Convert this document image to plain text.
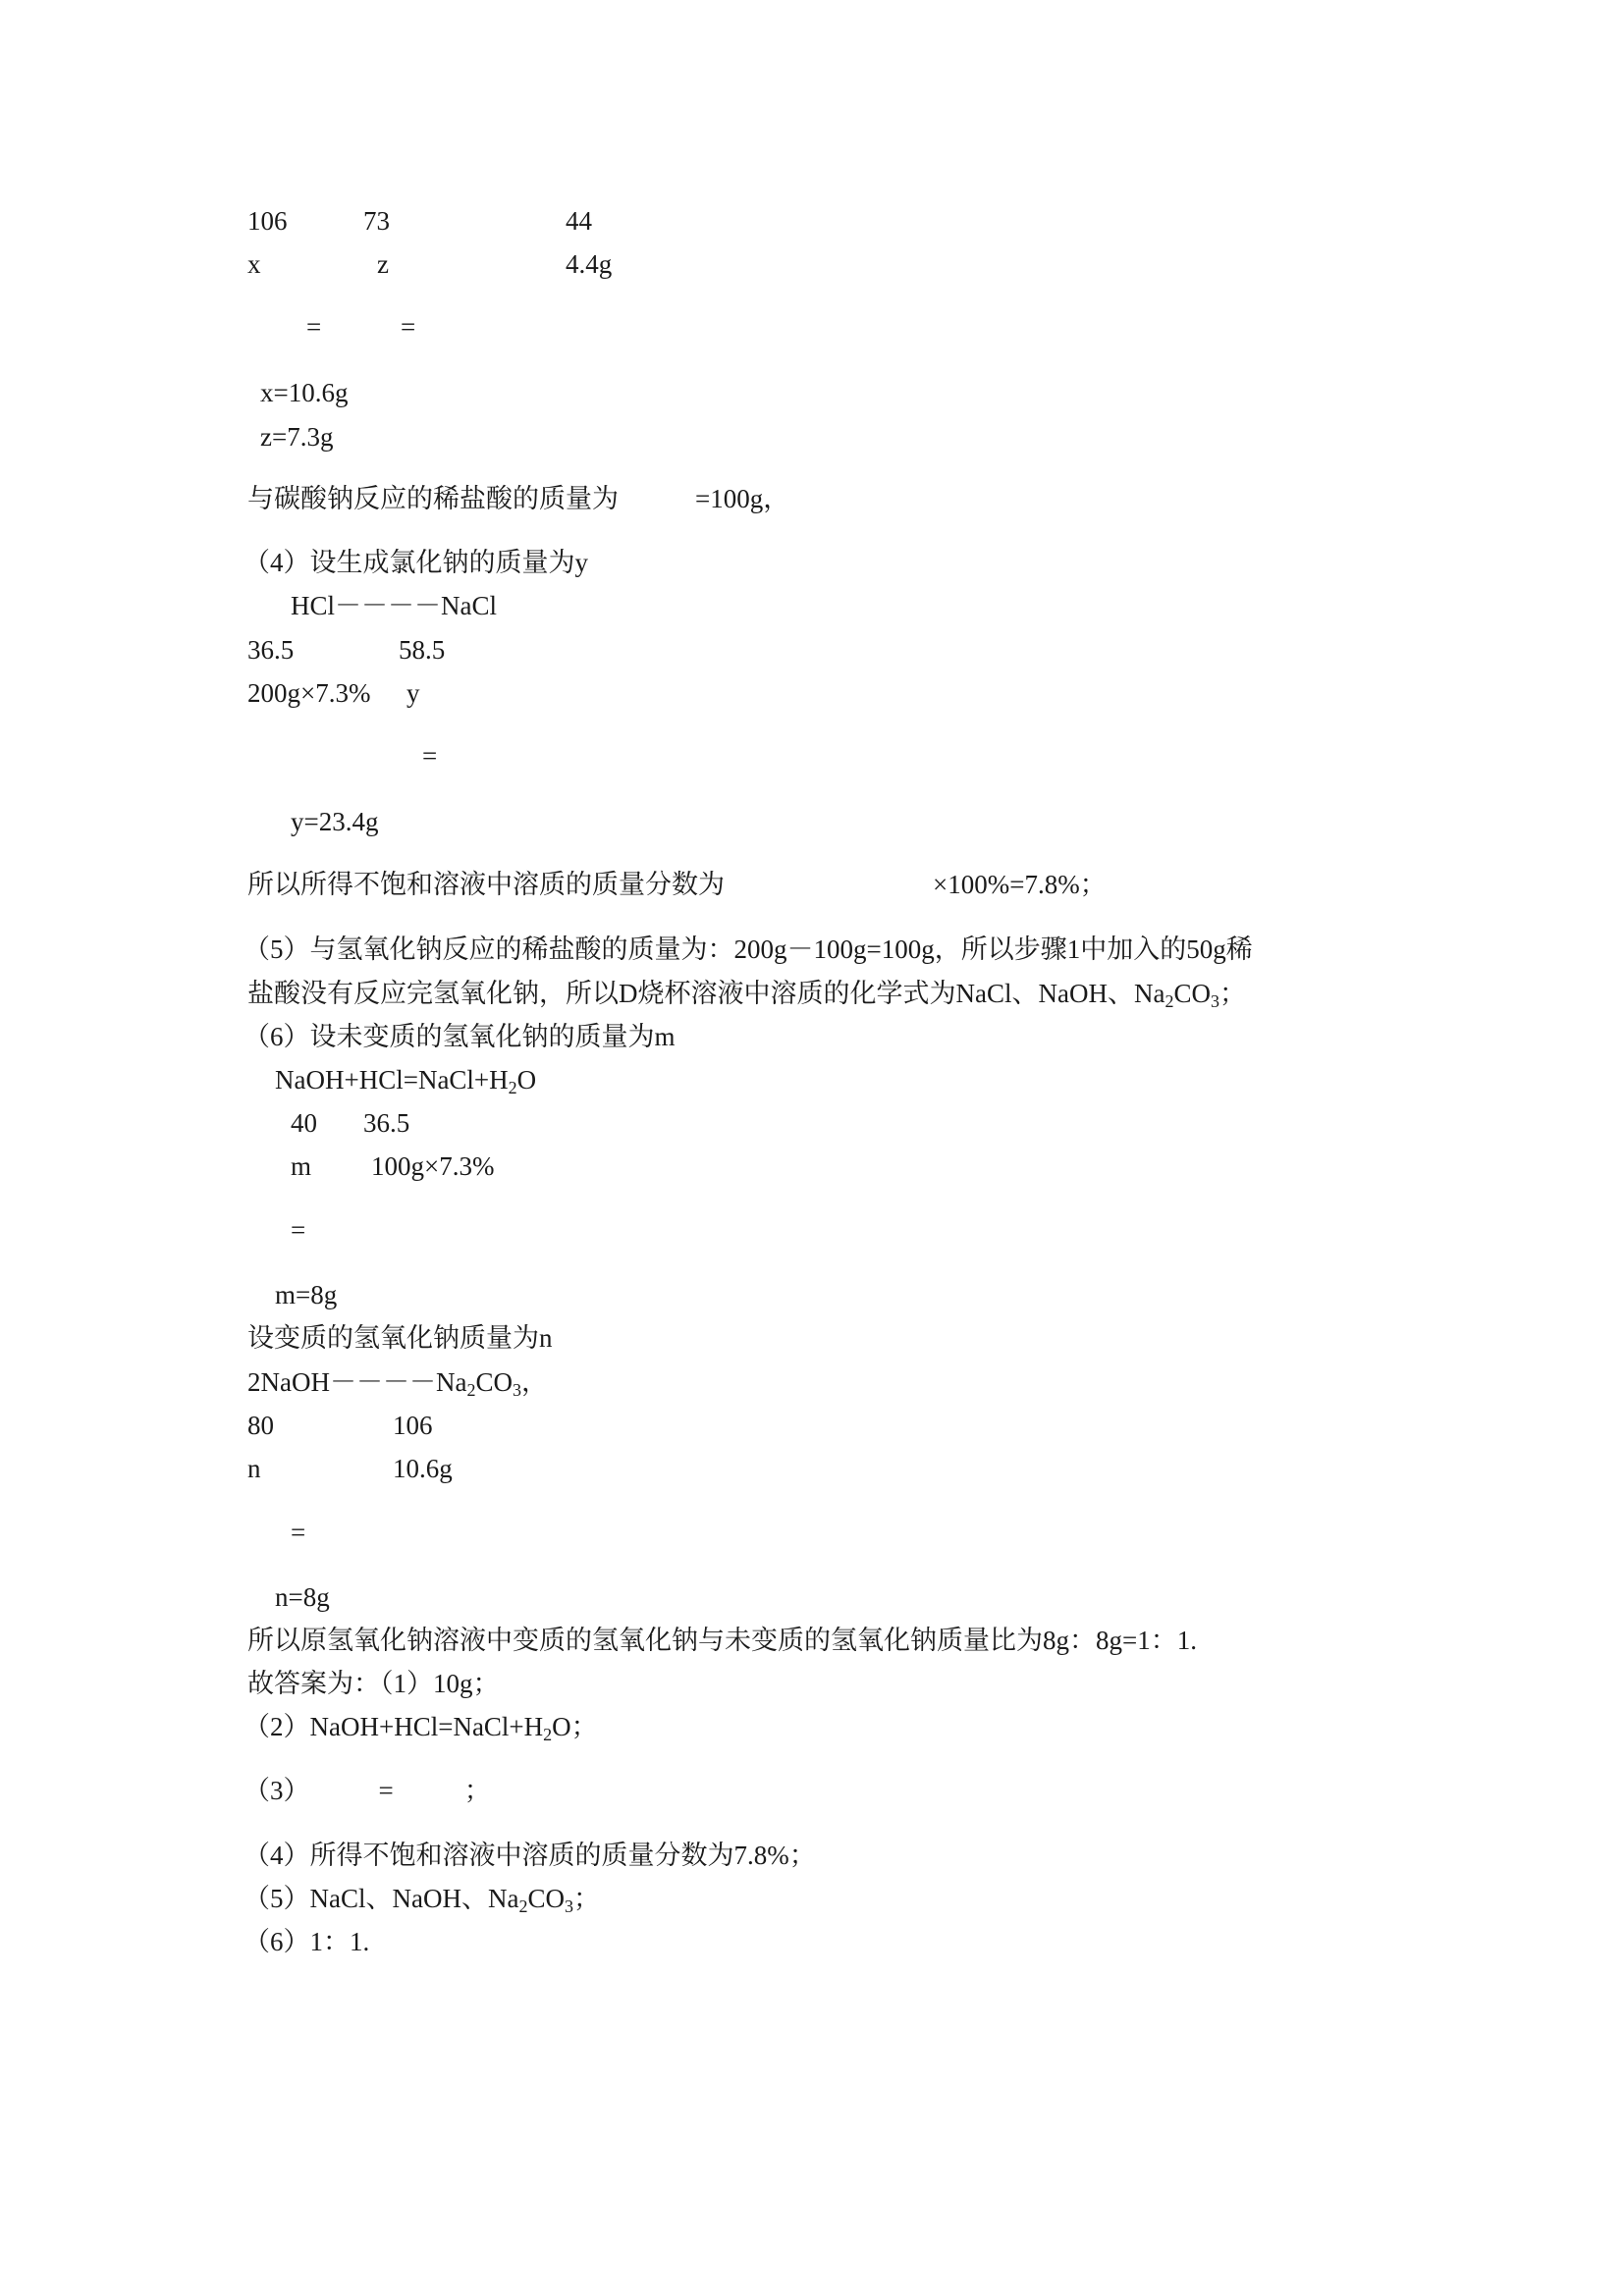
106	73	44
x	z	4.4g
=	=
x=10.6g
z=7.3g
与碳酸钠反应的稀盐酸的质量为	=100g，
（4）设生成氯化钠的质量为y
HCl－－－－NaCl
36.5	58.5
200g×7.3% y
=
y=23.4g
所以所得不饱和溶液中溶质的质量分数为	×100%=7.8%；
（5）与氢氧化钠反应的稀盐酸的质量为：200g－100g=100g，所以步骤1中加入的50g稀
盐酸没有反应完氢氧化钠，所以D烧杯溶液中溶质的化学式为NaCl、NaOH、$Na_2CO_3$；
（6）设未变质的氢氧化钠的质量为m
$NaOH+HCl=NaCl+H_2O$
40 36.5
m 100g×7.3%
=
m=8g
设变质的氢氧化钠质量为n
$2NaOH----Na_2CO_3$，
80	106
n	10.6g
=
n=8g
所以原氢氧化钠溶液中变质的氢氧化钠与未变质的氢氧化钠质量比为8g：8g=1：1.
故答案为：（1）10g；
$(2)NaOH+HCl=NaCl+H_2O$；
（3）	=	；
（4）所得不饱和溶液中溶质的质量分数为7.8%；
（5）NaCl、NaOH、$Na_2CO_3$；
（6）1：1.
